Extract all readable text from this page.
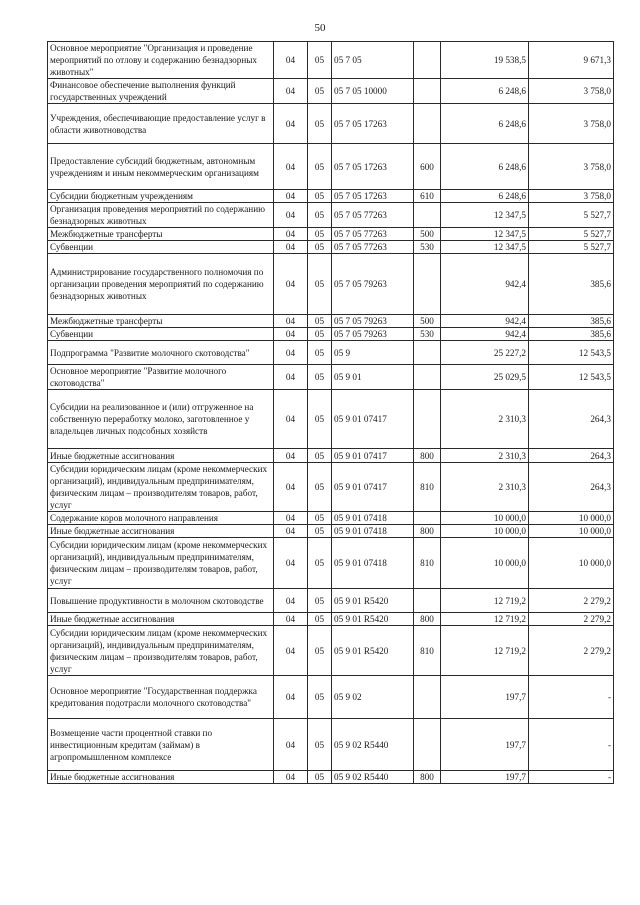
50
Основное мероприятие "Организация и проведение мероприятий по отлову и содержанию безнадзорных животных"	04	05	05 7 05		19 538,5	9 671,3
Финансовое обеспечение выполнения функций государственных учреждений	04	05	05 7 05 10000		6 248,6	3 758,0
Учреждения, обеспечивающие предоставление услуг в области животноводства	04	05	05 7 05 17263		6 248,6	3 758,0
Предоставление субсидий бюджетным, автономным учреждениям и иным некоммерческим организациям	04	05	05 7 05 17263	600	6 248,6	3 758,0
Субсидии бюджетным учреждениям	04	05	05 7 05 17263	610	6 248,6	3 758,0
Организация проведения мероприятий по содержанию безнадзорных животных	04	05	05 7 05 77263		12 347,5	5 527,7
Межбюджетные трансферты	04	05	05 7 05 77263	500	12 347,5	5 527,7
Субвенции	04	05	05 7 05 77263	530	12 347,5	5 527,7
Администрирование государственного полномочия по организации проведения мероприятий по содержанию безнадзорных животных	04	05	05 7 05 79263		942,4	385,6
Межбюджетные трансферты	04	05	05 7 05 79263	500	942,4	385,6
Субвенции	04	05	05 7 05 79263	530	942,4	385,6
Подпрограмма "Развитие молочного скотоводства"	04	05	05 9		25 227,2	12 543,5
Основное мероприятие "Развитие молочного скотоводства"	04	05	05 9 01		25 029,5	12 543,5
Субсидии на реализованное и (или) отгруженное на собственную переработку молоко, заготовленное у владельцев личных подсобных хозяйств	04	05	05 9 01 07417		2 310,3	264,3
Иные бюджетные ассигнования	04	05	05 9 01 07417	800	2 310,3	264,3
Субсидии юридическим лицам (кроме некоммерческих организаций), индивидуальным предпринимателям, физическим лицам – производителям товаров, работ, услуг	04	05	05 9 01 07417	810	2 310,3	264,3
Содержание коров молочного направления	04	05	05 9 01 07418		10 000,0	10 000,0
Иные бюджетные ассигнования	04	05	05 9 01 07418	800	10 000,0	10 000,0
Субсидии юридическим лицам (кроме некоммерческих организаций), индивидуальным предпринимателям, физическим лицам – производителям товаров, работ, услуг	04	05	05 9 01 07418	810	10 000,0	10 000,0
Повышение продуктивности в молочном скотоводстве	04	05	05 9 01 R5420		12 719,2	2 279,2
Иные бюджетные ассигнования	04	05	05 9 01 R5420	800	12 719,2	2 279,2
Субсидии юридическим лицам (кроме некоммерческих организаций), индивидуальным предпринимателям, физическим лицам – производителям товаров, работ, услуг	04	05	05 9 01 R5420	810	12 719,2	2 279,2
Основное мероприятие "Государственная поддержка кредитования подотрасли молочного скотоводства"	04	05	05 9 02		197,7	-
Возмещение части процентной ставки по инвестиционным кредитам (займам) в агропромышленном комплексе	04	05	05 9 02 R5440		197,7	-
Иные бюджетные ассигнования	04	05	05 9 02 R5440	800	197,7	-
